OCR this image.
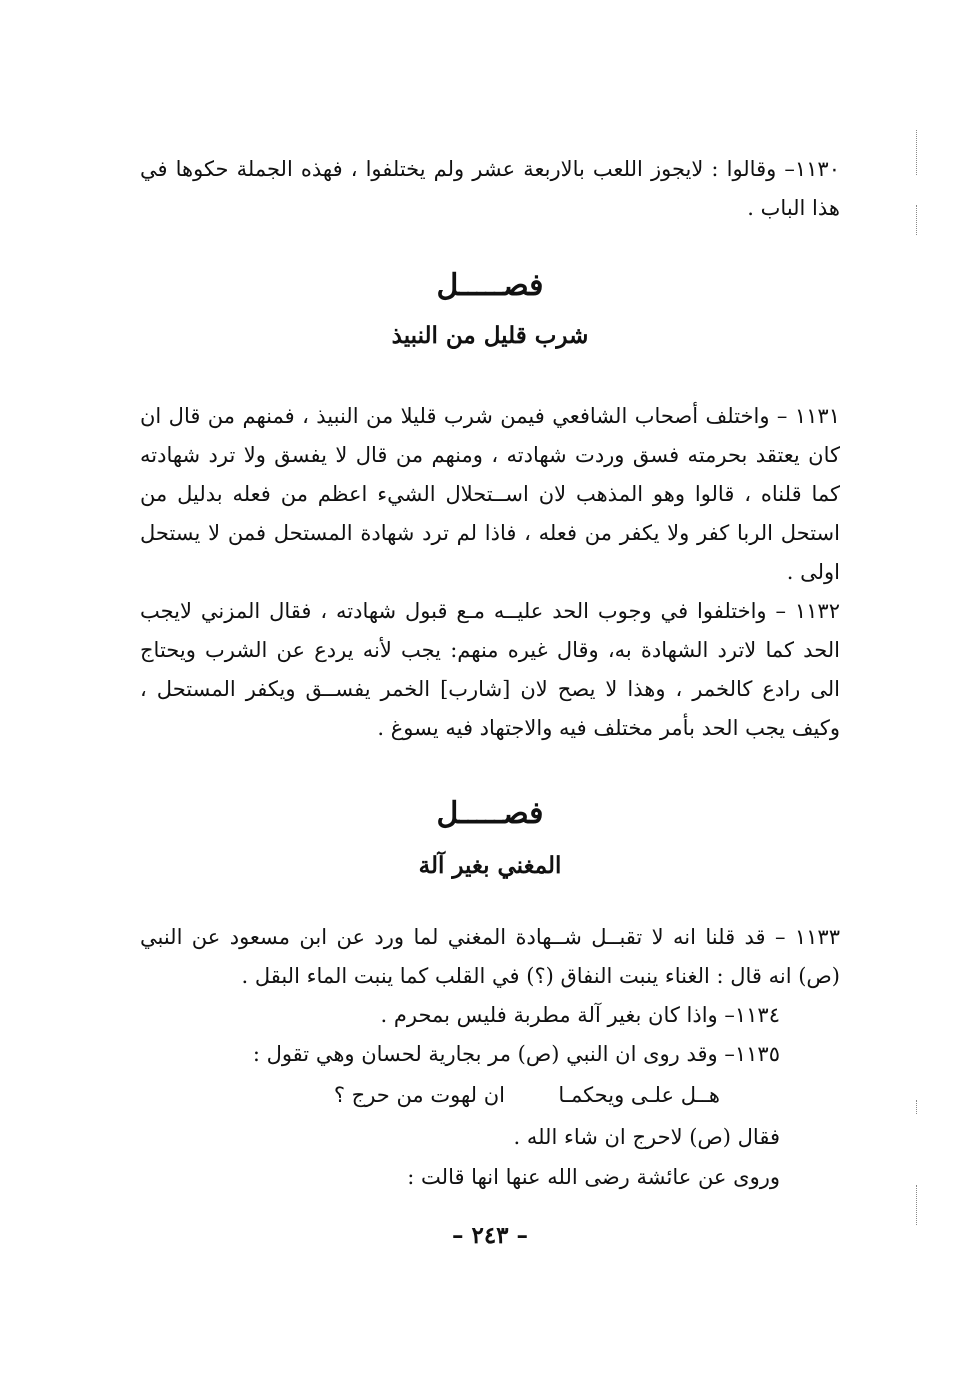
١١٣٠– وقالوا : لايجوز اللعب بالاربعة عشر ولم يختلفوا ، فهذه الجملة حكوها في هذا الباب .

فصـــــل
شرب قليل من النبيذ

١١٣١ – واختلف أصحاب الشافعي فيمن شرب قليلا من النبيذ ، فمنهم من قال ان كان يعتقد بحرمته فسق وردت شهادته ، ومنهم من قال لا يفسق ولا ترد شهادته كما قلناه ، قالوا وهو المذهب لان اســتحلال الشيء اعظم من فعله بدليل من استحل الربا كفر ولا يكفر من فعله ، فاذا لم ترد شهادة المستحل فمن لا يستحل اولى .

١١٣٢ – واختلفوا في وجوب الحد عليــه مـع قبول شهادته ، فقال المزني لايجب الحد كما لاترد الشهادة به، وقال غيره منهم: يجب لأنه يردع عن الشرب ويحتاج الى رادع كالخمر ، وهذا لا يصح لان [شارب] الخمر يفســق ويكفر المستحل ، وكيف يجب الحد بأمر مختلف فيه والاجتهاد فيه يسوغ .

فصـــــل
المغني بغير آلة

١١٣٣ – قد قلنا انه لا تقبــل شــهادة المغني لما ورد عن ابن مسعود عن النبي (ص) انه قال : الغناء ينبت النفاق (؟) في القلب كما ينبت الماء البقل .

١١٣٤– واذا كان بغير آلة مطربة فليس بمحرم .
١١٣٥– وقد روى ان النبي (ص) مر بجارية لحسان وهي تقول :
هــل علـى ويحكمـا        ان لهوت من حرج ؟
فقال (ص) لاحرج ان شاء الله .
وروى عن عائشة رضى الله عنها انها قالت :
– ٢٤٣ –
